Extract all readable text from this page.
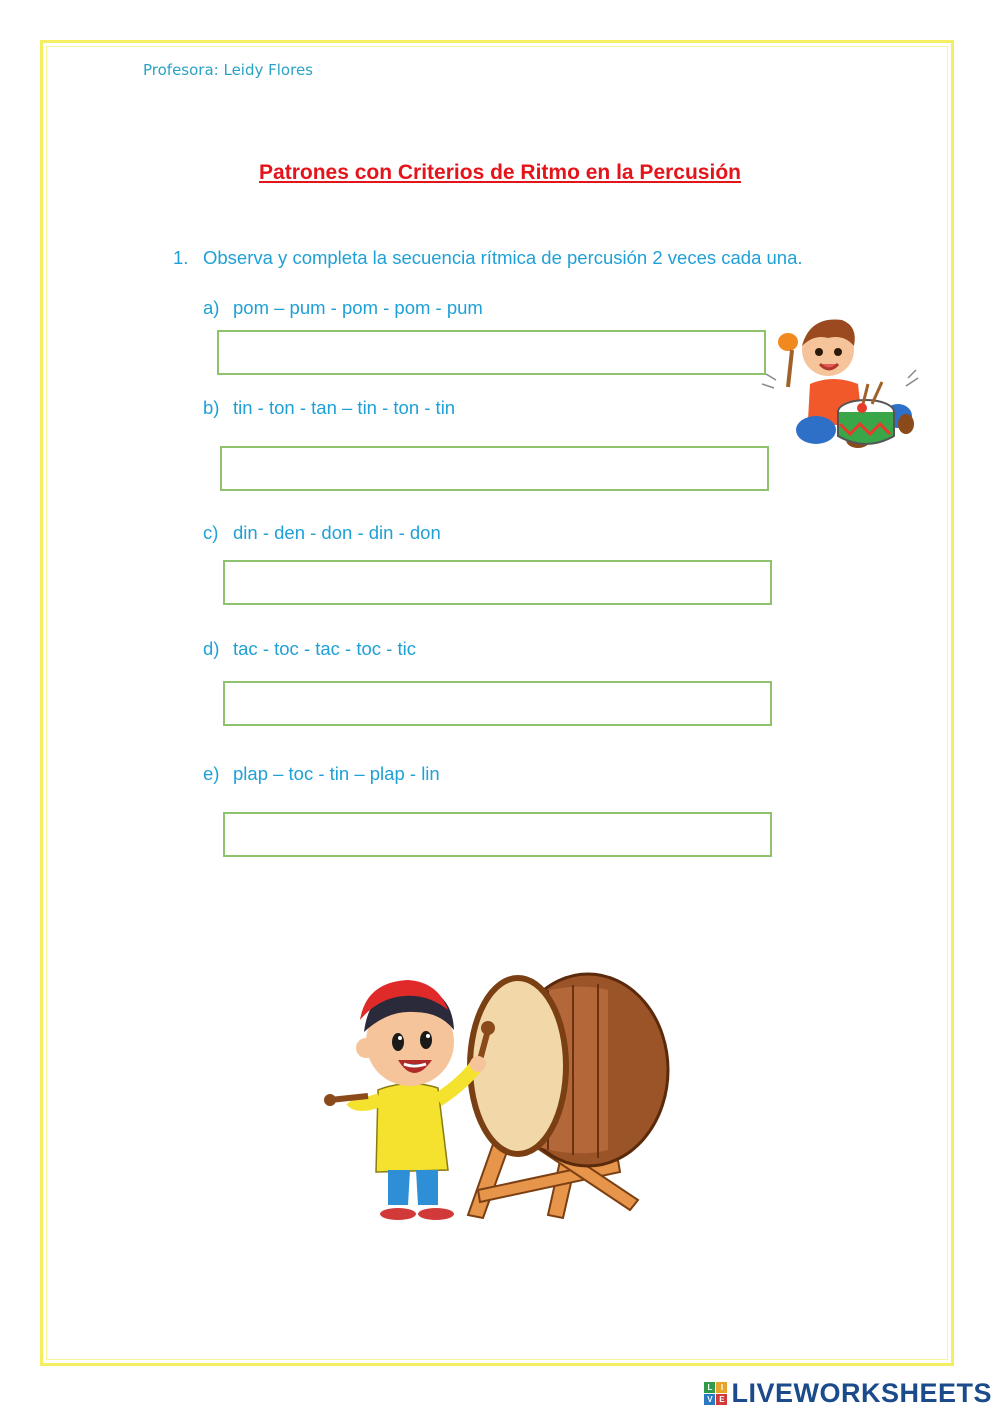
Profesora: Leidy Flores
Patrones con Criterios de Ritmo en la Percusión
1. Observa y completa la secuencia rítmica de percusión 2 veces cada una.
a) pom – pum - pom - pom - pum
b) tin - ton - tan – tin - ton - tin
c) din - den - don - din - don
d) tac - toc - tac - toc - tic
e) plap – toc - tin – plap - lin
L	I
V E LIVEWORKSHEETS
